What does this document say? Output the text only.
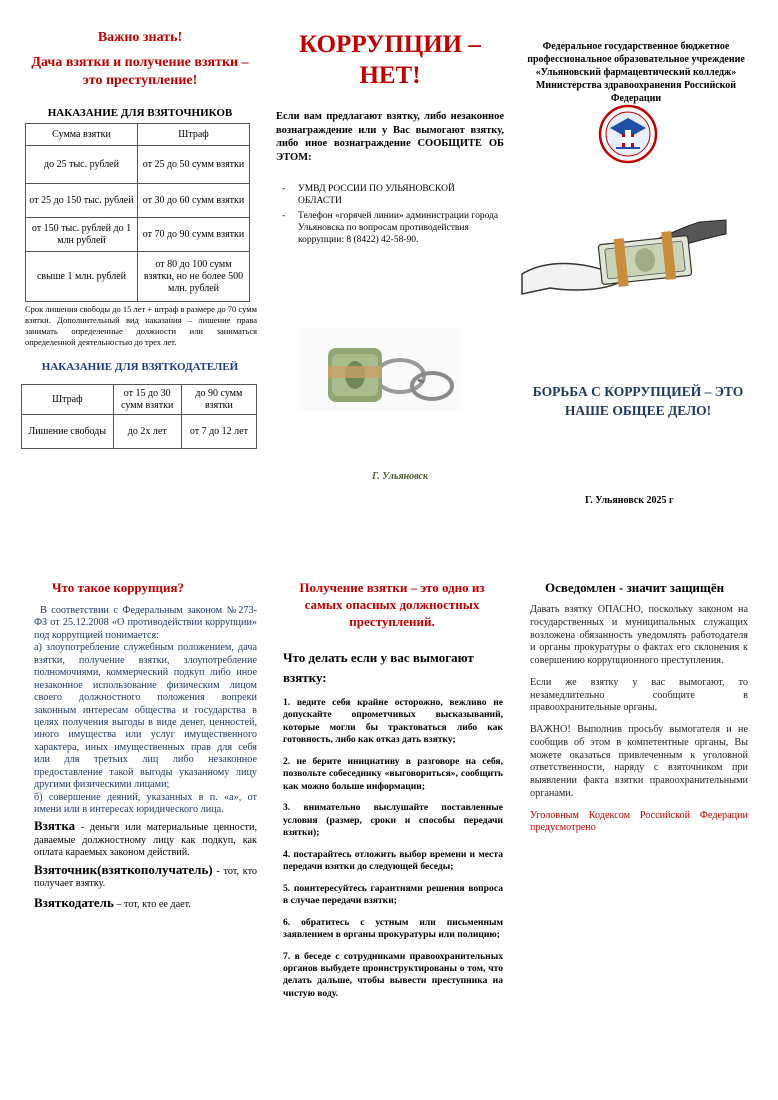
Важно знать!
Дача взятки и получение взятки – это преступление!
НАКАЗАНИЕ ДЛЯ ВЗЯТОЧНИКОВ
Сумма взятки	Штраф
до 25 тыс. рублей	от 25 до 50 сумм взятки
от 25 до 150 тыс. рублей	от 30 до 60 сумм взятки
от 150 тыс. рублей до 1 млн рублей	от 70 до 90 сумм взятки
свыше 1 млн. рублей	от 80 до 100 сумм взятки, но не более 500 млн. рублей
Срок лишения свободы до 15 лет + штраф в размере до 70 сумм взятки. Дополнительный вид наказания – лишение права занимать определенные должности или заниматься определенной деятельностью до трех лет.
НАКАЗАНИЕ ДЛЯ ВЗЯТКОДАТЕЛЕЙ
Штраф	от 15 до 30 сумм взятки	до 90 сумм взятки
Лишение свободы	до 2х лет	от 7 до 12 лет
КОРРУПЦИИ – НЕТ!
Если вам предлагают взятку, либо незаконное вознаграждение или у Вас вымогают взятку, либо иное вознаграждение СООБЩИТЕ ОБ ЭТОМ:
-	УМВД РОССИИ ПО УЛЬЯНОВСКОЙ ОБЛАСТИ
-	Телефон «горячей линии» администрации города Ульяновска по вопросам противодействия коррупции: 8 (8422) 42-58-90.
Г. Ульяновск
Федеральное государственное бюджетное профессиональное образовательное учреждение «Ульяновский фармацевтический колледж» Министерства здравоохранения Российской Федерации
БОРЬБА С КОРРУПЦИЕЙ – ЭТО НАШЕ ОБЩЕЕ ДЕЛО!
Г. Ульяновск 2025 г
Что такое коррупция?

В соответствии с Федеральным законом №273-ФЗ от 25.12.2008 «О противодействии коррупции» под коррупцией понимается:

а) злоупотребление служебным положением, дача взятки, получение взятки, злоупотребление полномочиями, коммерческий подкуп либо иное незаконное использование физическим лицом своего должностного положения вопреки законным интересам общества и государства в целях получения выгоды в виде денег, ценностей, иного имущества или услуг имущественного характера, иных имущественных прав для себя или для третьих лиц либо незаконное предоставление такой выгоды указанному лицу другими физическими лицами;

б) совершение деяний, указанных в п. «а», от имени или в интересах юридического лица.

Взятка - деньги или материальные ценности, даваемые должностному лицу как подкуп, как оплата караемых законом действий.

Взяточник(взяткополучатель) - тот, кто получает взятку.

Взяткодатель – тот, кто ее дает.

Получение взятки – это одно из самых опасных должностных преступлений.
Что делать если у вас вымогают взятку:

1. ведите себя крайне осторожно, вежливо не допускайте опрометчивых высказываний, которые могли бы трактоваться либо как готовность, либо как отказ дать взятку;

2. не берите инициативу в разговоре на себя, позвольте собеседнику «выговориться», сообщить как можно больше информации;

3. внимательно выслушайте поставленные условия (размер, сроки и способы передачи взятки);

4. постарайтесь отложить выбор времени и места передачи взятки до следующей беседы;

5. поинтересуйтесь гарантиями решения вопроса в случае передачи взятки;

6. обратитесь с устным или письменным заявлением в органы прокуратуры или полицию;

7. в беседе с сотрудниками правоохранительных органов выбудете проинструктированы о том, что делать дальше, чтобы вывести преступника на чистую воду.

Осведомлен - значит защищён

Давать взятку ОПАСНО, поскольку законом на государственных и муниципальных служащих возложена обязанность уведомлять работодателя и органы прокуратуры о фактах его склонения к совершению коррупционного преступления.

Если же взятку у вас вымогают, то незамедлительно сообщите в правоохранительные органы.

ВАЖНО! Выполнив просьбу вымогателя и не сообщив об этом в компетентные органы, Вы можете оказаться привлеченным к уголовной ответственности, наряду с взяточником при выявлении факта взятки правоохранительными органами.

Уголовным Кодексом Российской Федерации предусмотрено
